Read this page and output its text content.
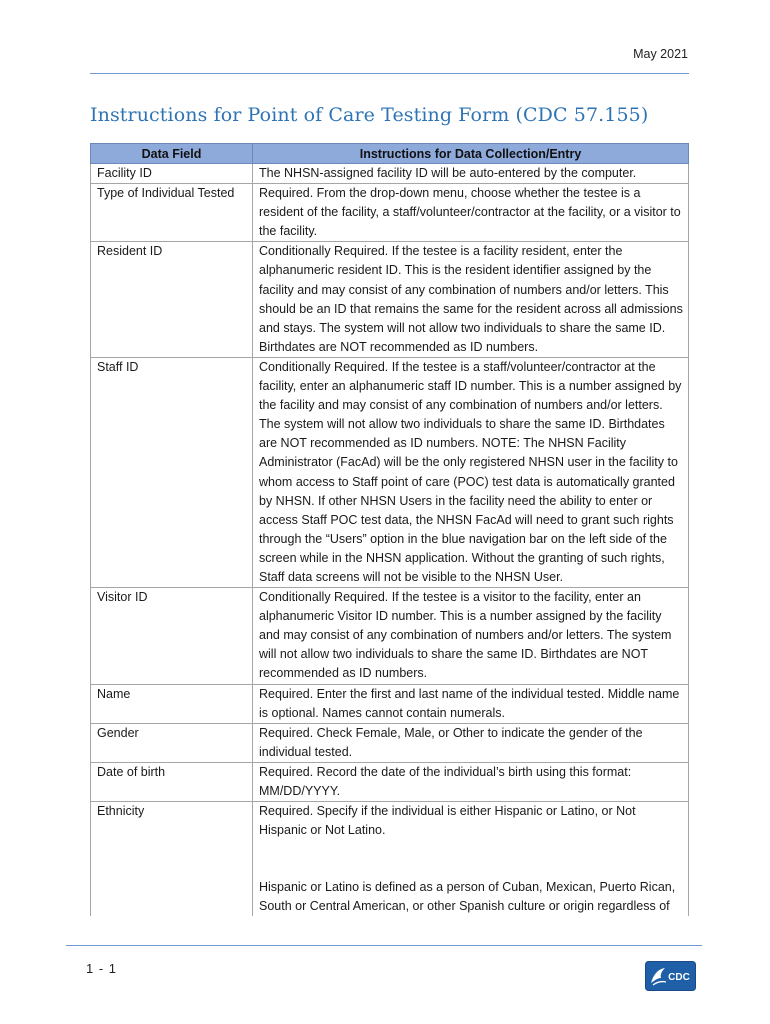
May 2021
Instructions for Point of Care Testing Form (CDC 57.155)
Data Field	Instructions for Data Collection/Entry
Facility ID	The NHSN-assigned facility ID will be auto-entered by the computer.
Type of Individual Tested	Required. From the drop-down menu, choose whether the testee is a resident of the facility, a staff/volunteer/contractor at the facility, or a visitor to the facility.
Resident ID	Conditionally Required. If the testee is a facility resident, enter the alphanumeric resident ID. This is the resident identifier assigned by the facility and may consist of any combination of numbers and/or letters. This should be an ID that remains the same for the resident across all admissions and stays. The system will not allow two individuals to share the same ID. Birthdates are NOT recommended as ID numbers.
Staff ID	Conditionally Required. If the testee is a staff/volunteer/contractor at the facility, enter an alphanumeric staff ID number. This is a number assigned by the facility and may consist of any combination of numbers and/or letters. The system will not allow two individuals to share the same ID. Birthdates are NOT recommended as ID numbers. NOTE: The NHSN Facility Administrator (FacAd) will be the only registered NHSN user in the facility to whom access to Staff point of care (POC) test data is automatically granted by NHSN. If other NHSN Users in the facility need the ability to enter or access Staff POC test data, the NHSN FacAd will need to grant such rights through the “Users” option in the blue navigation bar on the left side of the screen while in the NHSN application. Without the granting of such rights, Staff data screens will not be visible to the NHSN User.
Visitor ID	Conditionally Required. If the testee is a visitor to the facility, enter an alphanumeric Visitor ID number. This is a number assigned by the facility and may consist of any combination of numbers and/or letters. The system will not allow two individuals to share the same ID. Birthdates are NOT recommended as ID numbers.
Name	Required. Enter the first and last name of the individual tested. Middle name is optional. Names cannot contain numerals.
Gender	Required. Check Female, Male, or Other to indicate the gender of the individual tested.
Date of birth	Required. Record the date of the individual’s birth using this format: MM/DD/YYYY.
Ethnicity	Required. Specify if the individual is either Hispanic or Latino, or Not Hispanic or Not Latino.
Hispanic or Latino is defined as a person of Cuban, Mexican, Puerto Rican, South or Central American, or other Spanish culture or origin regardless of
1 - 1
CDC
